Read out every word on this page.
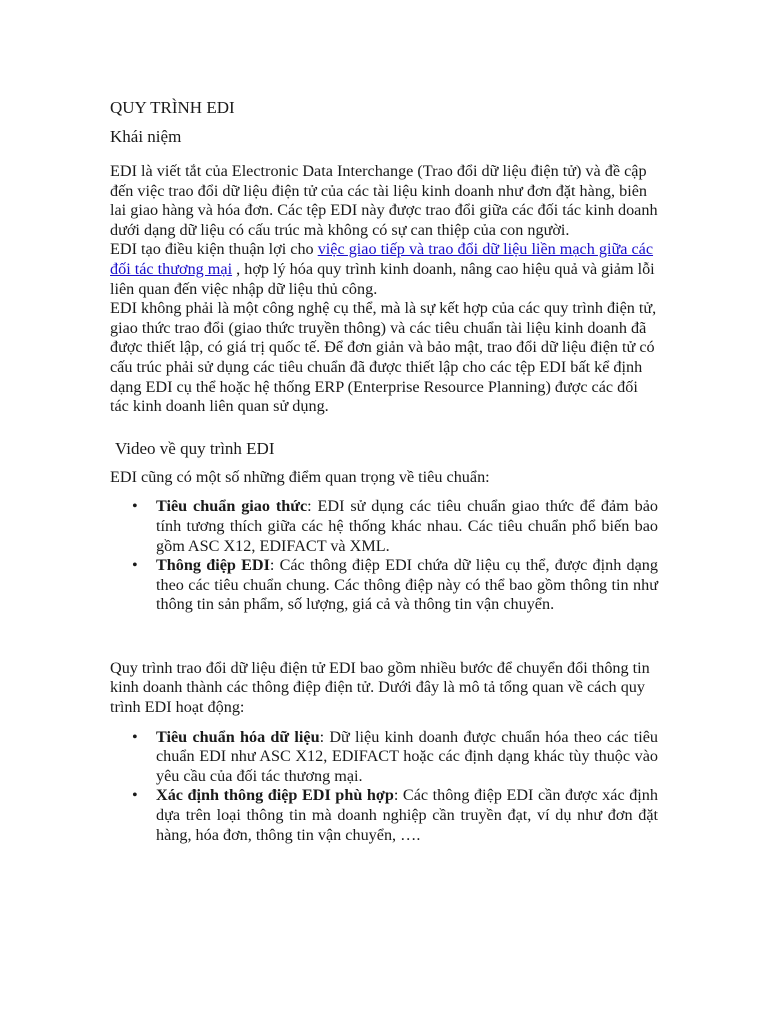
QUY TRÌNH EDI

Khái niệm

EDI là viết tắt của Electronic Data Interchange (Trao đổi dữ liệu điện tử) và đề cập đến việc trao đổi dữ liệu điện tử của các tài liệu kinh doanh như đơn đặt hàng, biên lai giao hàng và hóa đơn. Các tệp EDI này được trao đổi giữa các đối tác kinh doanh dưới dạng dữ liệu có cấu trúc mà không có sự can thiệp của con người.

EDI tạo điều kiện thuận lợi cho việc giao tiếp và trao đổi dữ liệu liền mạch giữa các đối tác thương mại , hợp lý hóa quy trình kinh doanh, nâng cao hiệu quả và giảm lỗi liên quan đến việc nhập dữ liệu thủ công.

EDI không phải là một công nghệ cụ thể, mà là sự kết hợp của các quy trình điện tử, giao thức trao đổi (giao thức truyền thông) và các tiêu chuẩn tài liệu kinh doanh đã được thiết lập, có giá trị quốc tế. Để đơn giản và bảo mật, trao đổi dữ liệu điện tử có cấu trúc phải sử dụng các tiêu chuẩn đã được thiết lập cho các tệp EDI bất kể định dạng EDI cụ thể hoặc hệ thống ERP (Enterprise Resource Planning) được các đối tác kinh doanh liên quan sử dụng.

Video về quy trình EDI

EDI cũng có một số những điểm quan trọng về tiêu chuẩn:

• Tiêu chuẩn giao thức: EDI sử dụng các tiêu chuẩn giao thức để đảm bảo tính tương thích giữa các hệ thống khác nhau. Các tiêu chuẩn phổ biến bao gồm ASC X12, EDIFACT và XML.
• Thông điệp EDI: Các thông điệp EDI chứa dữ liệu cụ thể, được định dạng theo các tiêu chuẩn chung. Các thông điệp này có thể bao gồm thông tin như thông tin sản phẩm, số lượng, giá cả và thông tin vận chuyển.

Quy trình trao đổi dữ liệu điện tử EDI bao gồm nhiều bước để chuyển đổi thông tin kinh doanh thành các thông điệp điện tử. Dưới đây là mô tả tổng quan về cách quy trình EDI hoạt động:

• Tiêu chuẩn hóa dữ liệu: Dữ liệu kinh doanh được chuẩn hóa theo các tiêu chuẩn EDI như ASC X12, EDIFACT hoặc các định dạng khác tùy thuộc vào yêu cầu của đối tác thương mại.
• Xác định thông điệp EDI phù hợp: Các thông điệp EDI cần được xác định dựa trên loại thông tin mà doanh nghiệp cần truyền đạt, ví dụ như đơn đặt hàng, hóa đơn, thông tin vận chuyển, ….
